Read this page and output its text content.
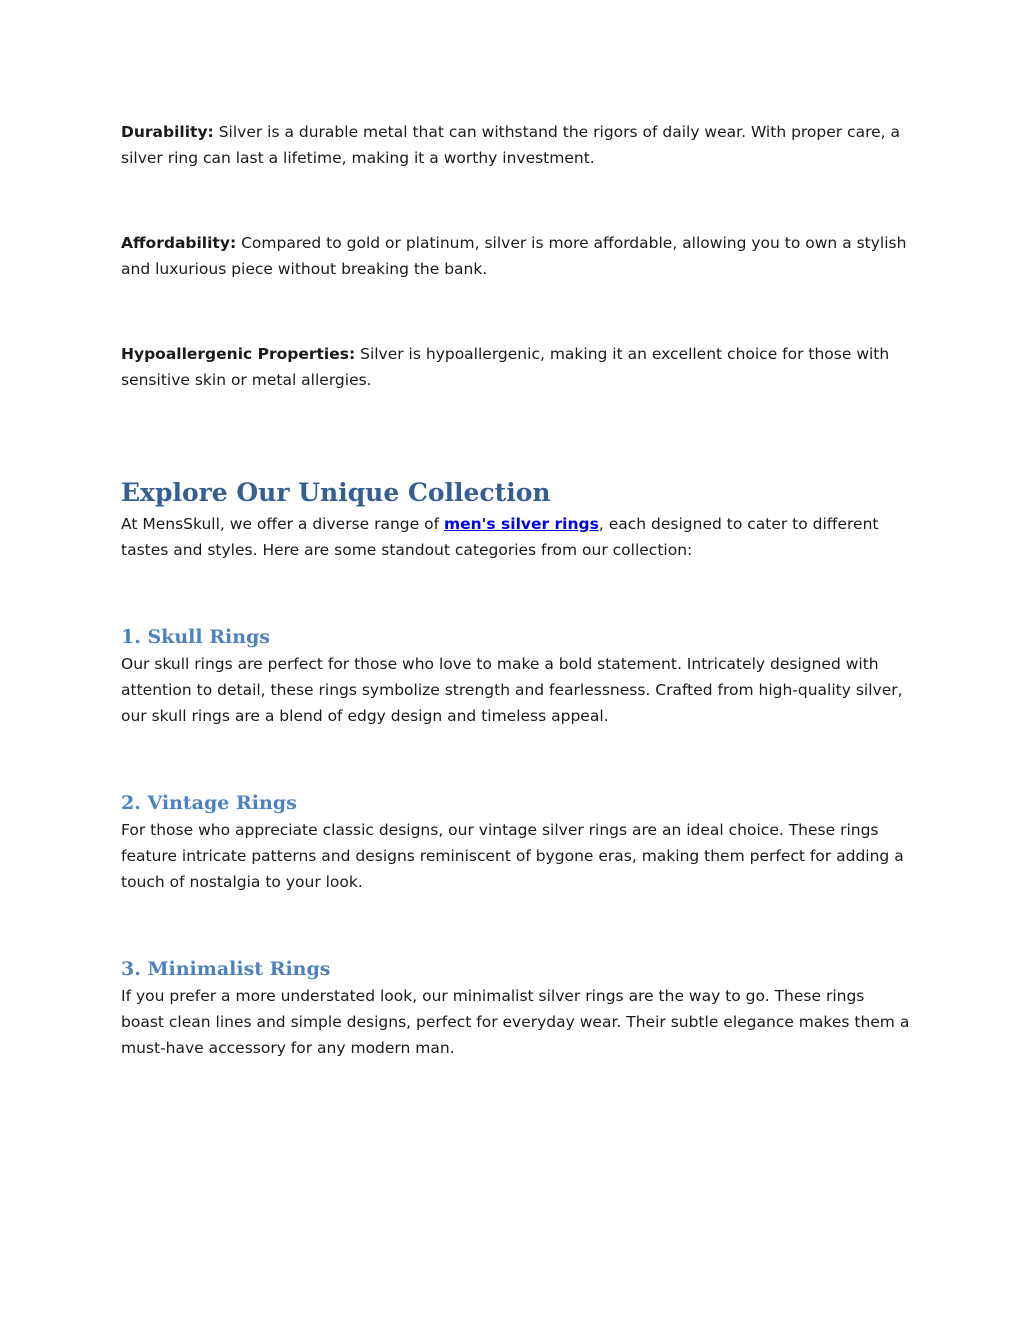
Durability: Silver is a durable metal that can withstand the rigors of daily wear. With proper care, a silver ring can last a lifetime, making it a worthy investment.

Affordability: Compared to gold or platinum, silver is more affordable, allowing you to own a stylish and luxurious piece without breaking the bank.

Hypoallergenic Properties: Silver is hypoallergenic, making it an excellent choice for those with sensitive skin or metal allergies.

Explore Our Unique Collection

At MensSkull, we offer a diverse range of men's silver rings, each designed to cater to different tastes and styles. Here are some standout categories from our collection:

1. Skull Rings

Our skull rings are perfect for those who love to make a bold statement. Intricately designed with attention to detail, these rings symbolize strength and fearlessness. Crafted from high-quality silver, our skull rings are a blend of edgy design and timeless appeal.

2. Vintage Rings

For those who appreciate classic designs, our vintage silver rings are an ideal choice. These rings feature intricate patterns and designs reminiscent of bygone eras, making them perfect for adding a touch of nostalgia to your look.

3. Minimalist Rings

If you prefer a more understated look, our minimalist silver rings are the way to go. These rings boast clean lines and simple designs, perfect for everyday wear. Their subtle elegance makes them a must-have accessory for any modern man.
